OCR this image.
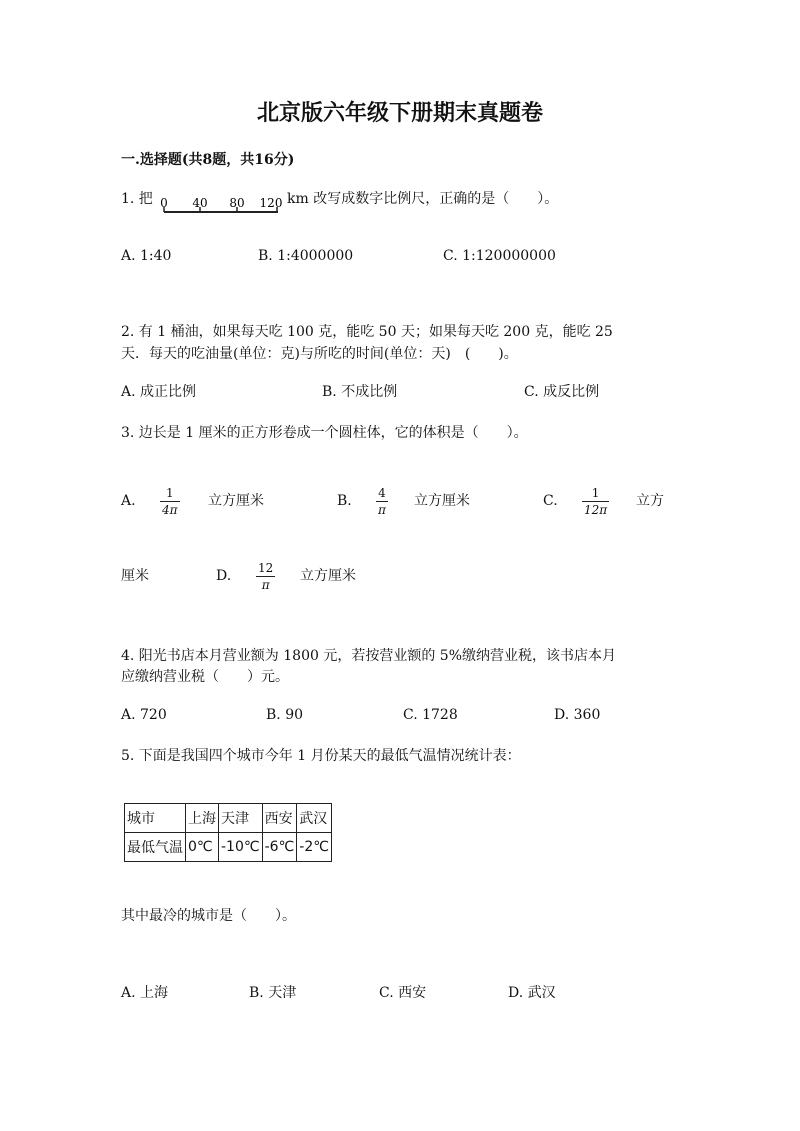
北京版六年级下册期末真题卷
一.选择题(共8题，共16分)
1. 把 0 40 80 120 km 改写成数字比例尺，正确的是（　　）。
A. 1:40	B. 1:4000000	C. 1:120000000
2. 有 1 桶油，如果每天吃 100 克，能吃 50 天；如果每天吃 200 克，能吃 25
天．每天的吃油量(单位：克)与所吃的时间(单位：天)　(　　)。
A. 成正比例	B. 不成比例	C. 成反比例
3. 边长是 1 厘米的正方形卷成一个圆柱体，它的体积是（　　）。
A.	1
4π
立方厘米	B. 4
π
立方厘米	C.	1
12π
立方
厘米	D. 12
π
立方厘米
4. 阳光书店本月营业额为 1800 元，若按营业额的 5%缴纳营业税，该书店本月
应缴纳营业税（　　）元。
A. 720	B. 90	C. 1728	D. 360
5. 下面是我国四个城市今年 1 月份某天的最低气温情况统计表：
城市	上海	天津	西安	武汉
最低气温	0℃	-10℃	-6℃	-2℃
其中最冷的城市是（　　）。
A. 上海	B. 天津	C. 西安	D. 武汉
